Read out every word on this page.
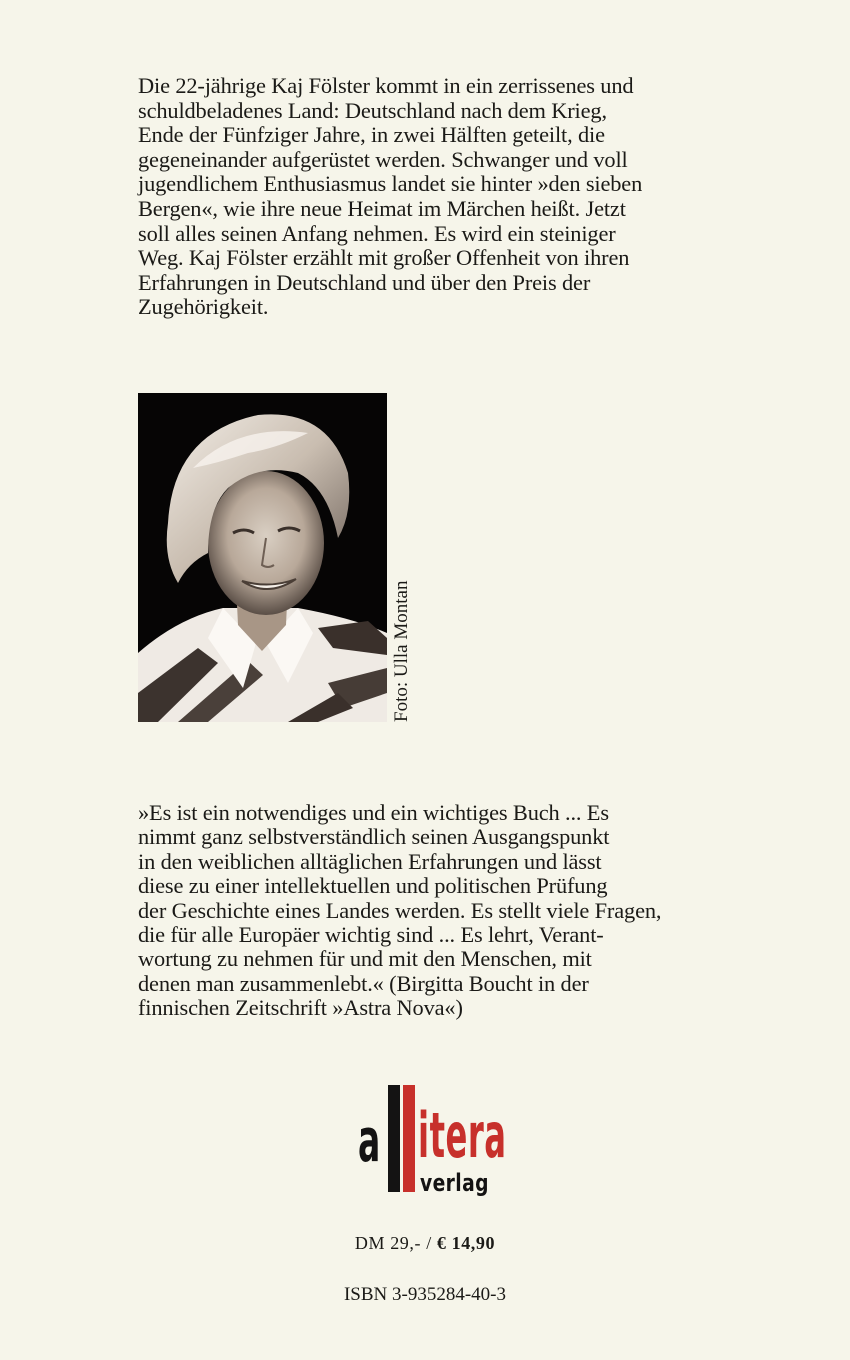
Die 22-jährige Kaj Fölster kommt in ein zerrissenes und
schuldbeladenes Land: Deutschland nach dem Krieg,
Ende der Fünfziger Jahre, in zwei Hälften geteilt, die
gegeneinander aufgerüstet werden. Schwanger und voll
jugendlichem Enthusiasmus landet sie hinter »den sieben
Bergen«, wie ihre neue Heimat im Märchen heißt. Jetzt
soll alles seinen Anfang nehmen. Es wird ein steiniger
Weg. Kaj Fölster erzählt mit großer Offenheit von ihren
Erfahrungen in Deutschland und über den Preis der
Zugehörigkeit.
Foto: Ulla Montan
»Es ist ein notwendiges und ein wichtiges Buch ... Es
nimmt ganz selbstverständlich seinen Ausgangspunkt
in den weiblichen alltäglichen Erfahrungen und lässt
diese zu einer intellektuellen und politischen Prüfung
der Geschichte eines Landes werden. Es stellt viele Fragen,
die für alle Europäer wichtig sind ... Es lehrt, Verant-
wortung zu nehmen für und mit den Menschen, mit
denen man zusammenlebt.« (Birgitta Boucht in der
finnischen Zeitschrift »Astra Nova«)
a itera
verlag
DM 29,- / € 14,90
ISBN 3-935284-40-3
